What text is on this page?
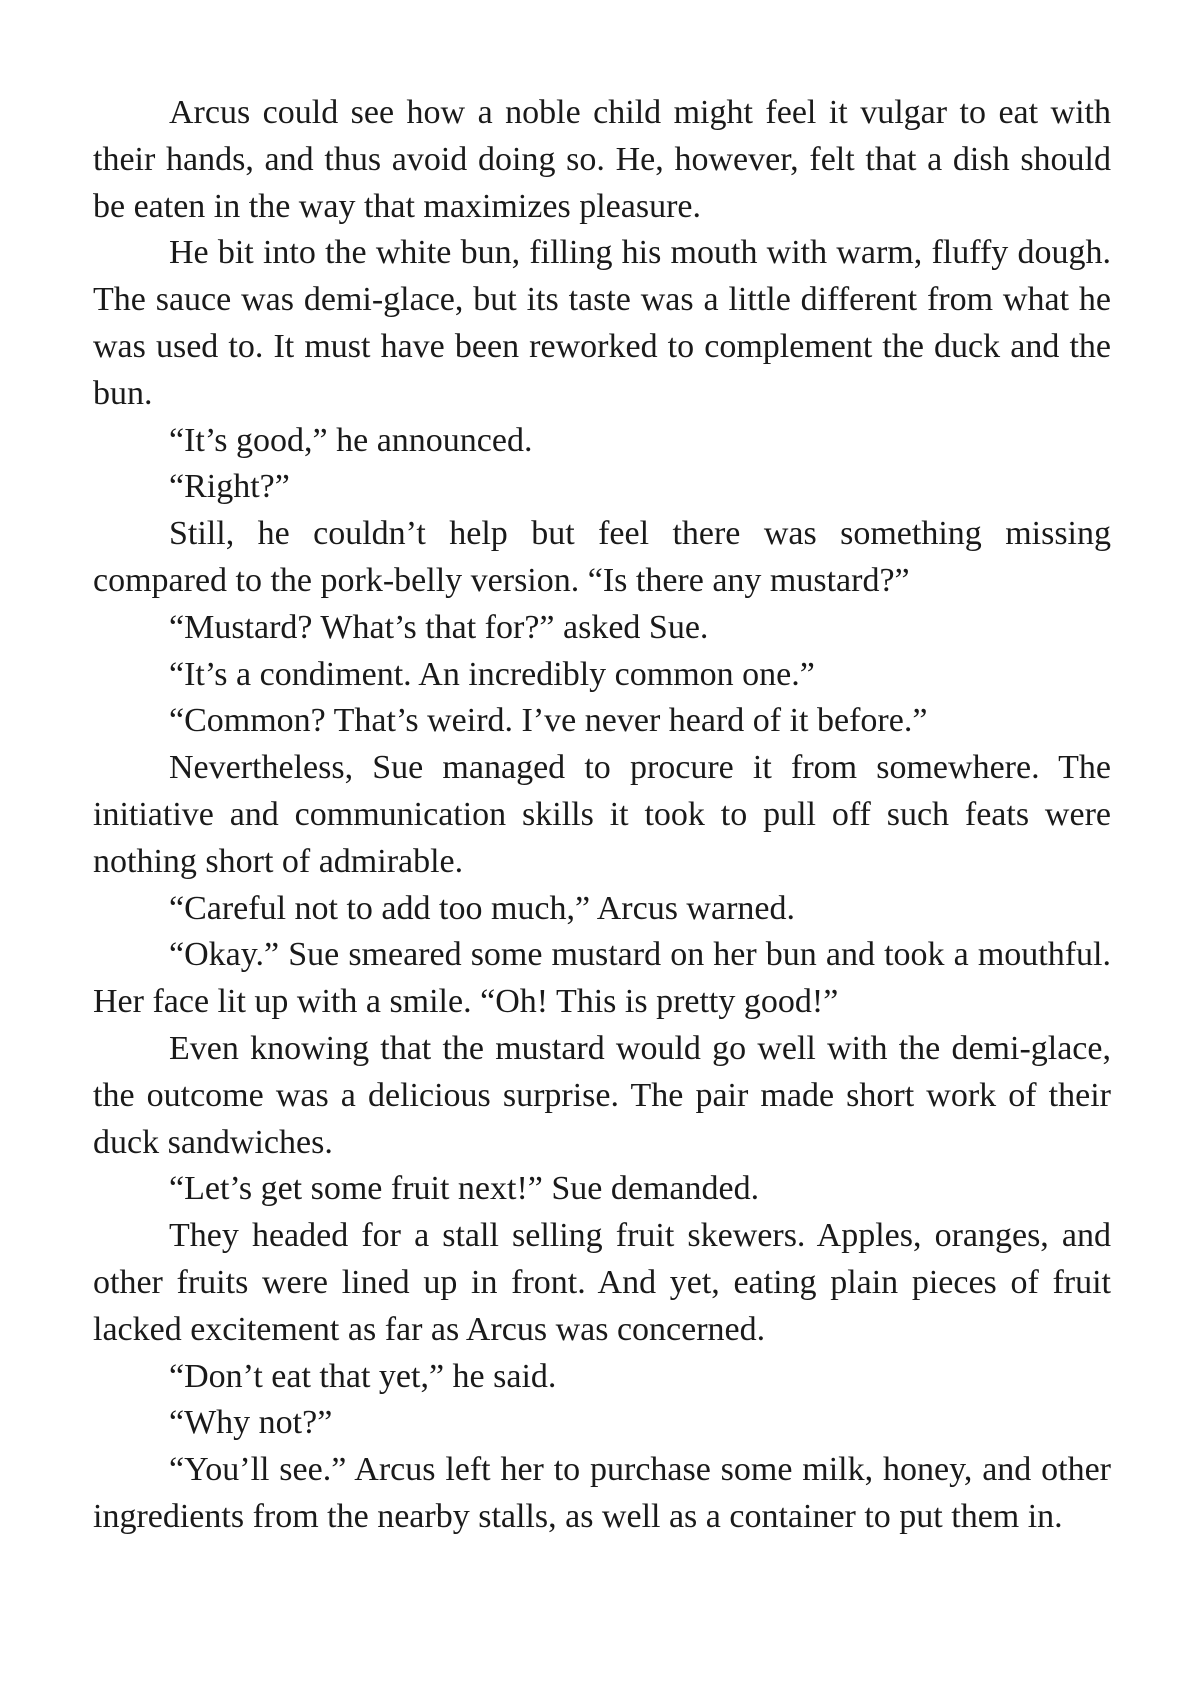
Arcus could see how a noble child might feel it vulgar to eat with their hands, and thus avoid doing so. He, however, felt that a dish should be eaten in the way that maximizes pleasure.

He bit into the white bun, filling his mouth with warm, fluffy dough. The sauce was demi-glace, but its taste was a little different from what he was used to. It must have been reworked to complement the duck and the bun.

“It’s good,” he announced.

“Right?”

Still, he couldn’t help but feel there was something missing compared to the pork-belly version. “Is there any mustard?”

“Mustard? What’s that for?” asked Sue.

“It’s a condiment. An incredibly common one.”

“Common? That’s weird. I’ve never heard of it before.”

Nevertheless, Sue managed to procure it from somewhere. The initiative and communication skills it took to pull off such feats were nothing short of admirable.

“Careful not to add too much,” Arcus warned.

“Okay.” Sue smeared some mustard on her bun and took a mouthful. Her face lit up with a smile. “Oh! This is pretty good!”

Even knowing that the mustard would go well with the demi-glace, the outcome was a delicious surprise. The pair made short work of their duck sandwiches.

“Let’s get some fruit next!” Sue demanded.

They headed for a stall selling fruit skewers. Apples, oranges, and other fruits were lined up in front. And yet, eating plain pieces of fruit lacked excitement as far as Arcus was concerned.

“Don’t eat that yet,” he said.

“Why not?”

“You’ll see.” Arcus left her to purchase some milk, honey, and other ingredients from the nearby stalls, as well as a container to put them in.
